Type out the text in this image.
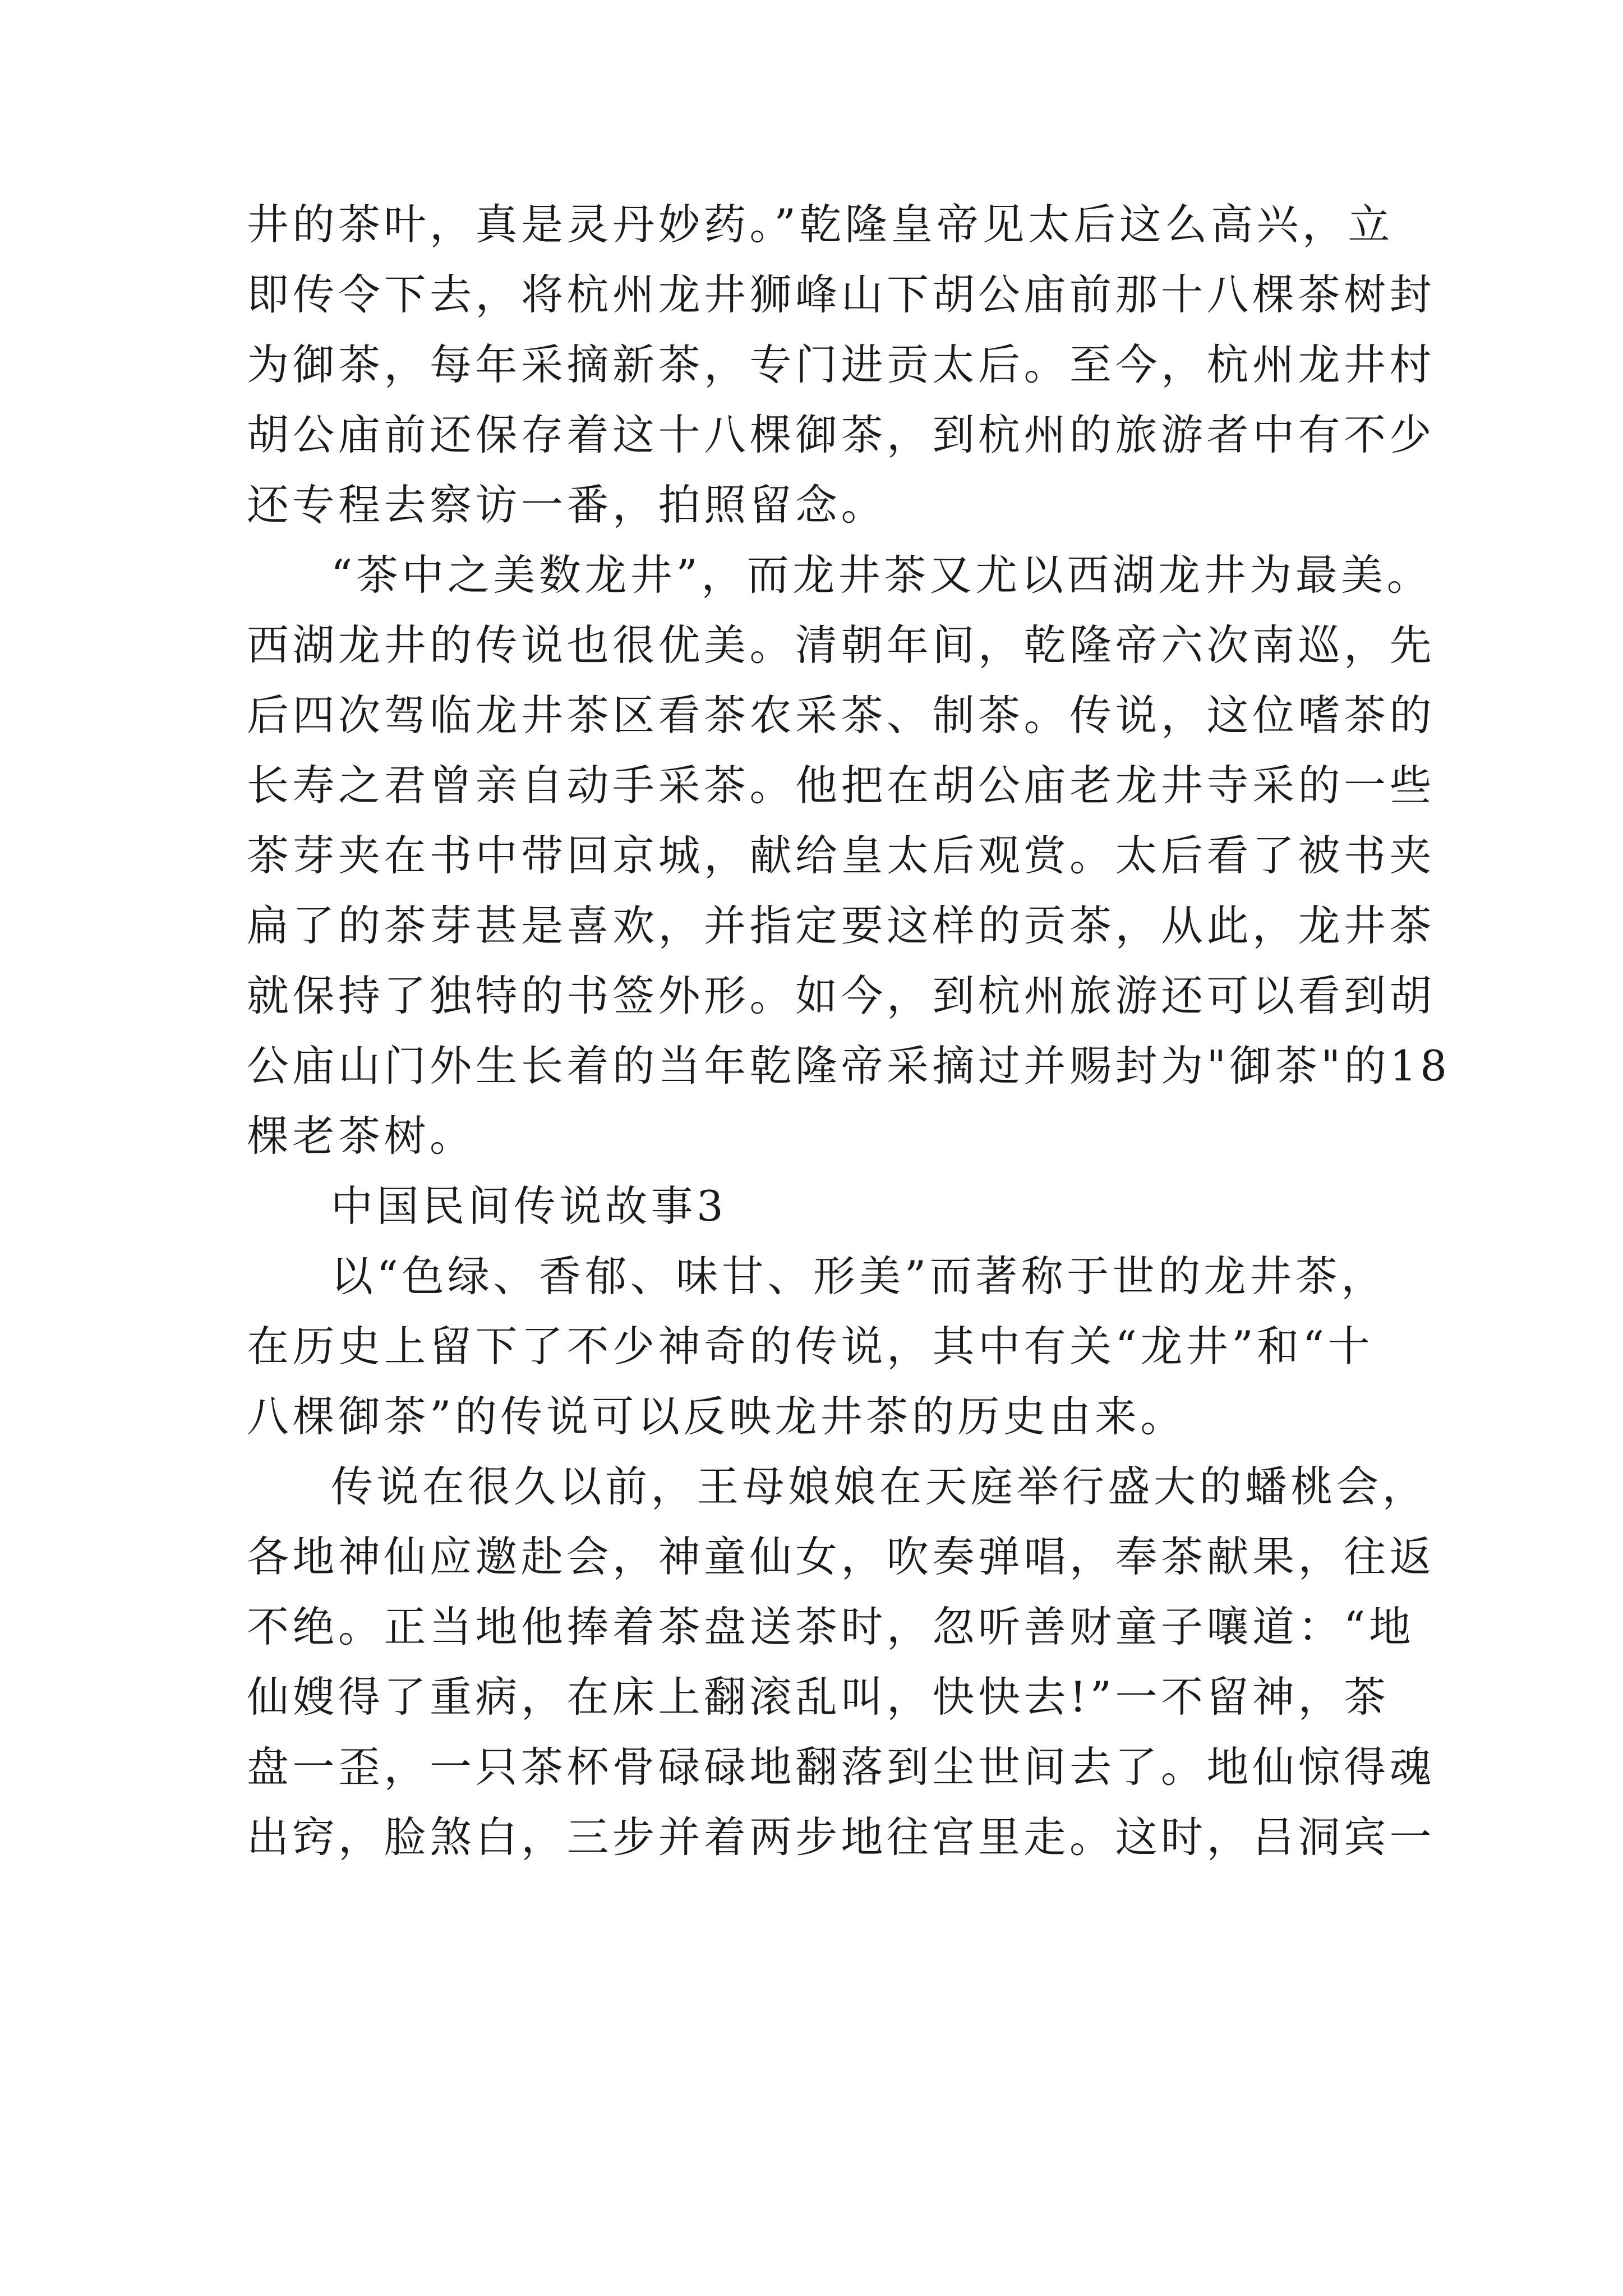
井的茶叶，真是灵丹妙药。”乾隆皇帝见太后这么高兴，立
即传令下去，将杭州龙井狮峰山下胡公庙前那十八棵茶树封
为御茶，每年采摘新茶，专门进贡太后。至今，杭州龙井村
胡公庙前还保存着这十八棵御茶，到杭州的旅游者中有不少
还专程去察访一番，拍照留念。
“茶中之美数龙井”，而龙井茶又尤以西湖龙井为最美。
西湖龙井的传说也很优美。清朝年间，乾隆帝六次南巡，先
后四次驾临龙井茶区看茶农采茶、制茶。传说，这位嗜茶的
长寿之君曾亲自动手采茶。他把在胡公庙老龙井寺采的一些
茶芽夹在书中带回京城，献给皇太后观赏。太后看了被书夹
扁了的茶芽甚是喜欢，并指定要这样的贡茶，从此，龙井茶
就保持了独特的书签外形。如今，到杭州旅游还可以看到胡
公庙山门外生长着的当年乾隆帝采摘过并赐封为"御茶"的18
棵老茶树。
中国民间传说故事3
以“色绿、香郁、味甘、形美”而著称于世的龙井茶，
在历史上留下了不少神奇的传说，其中有关“龙井”和“十
八棵御茶”的传说可以反映龙井茶的历史由来。
传说在很久以前，王母娘娘在天庭举行盛大的蟠桃会，
各地神仙应邀赴会，神童仙女，吹奏弹唱，奉茶献果，往返
不绝。正当地他捧着茶盘送茶时，忽听善财童子嚷道：“地
仙嫂得了重病，在床上翻滚乱叫，快快去!”一不留神，茶
盘一歪，一只茶杯骨碌碌地翻落到尘世间去了。地仙惊得魂
出窍，脸煞白，三步并着两步地往宫里走。这时，吕洞宾一
